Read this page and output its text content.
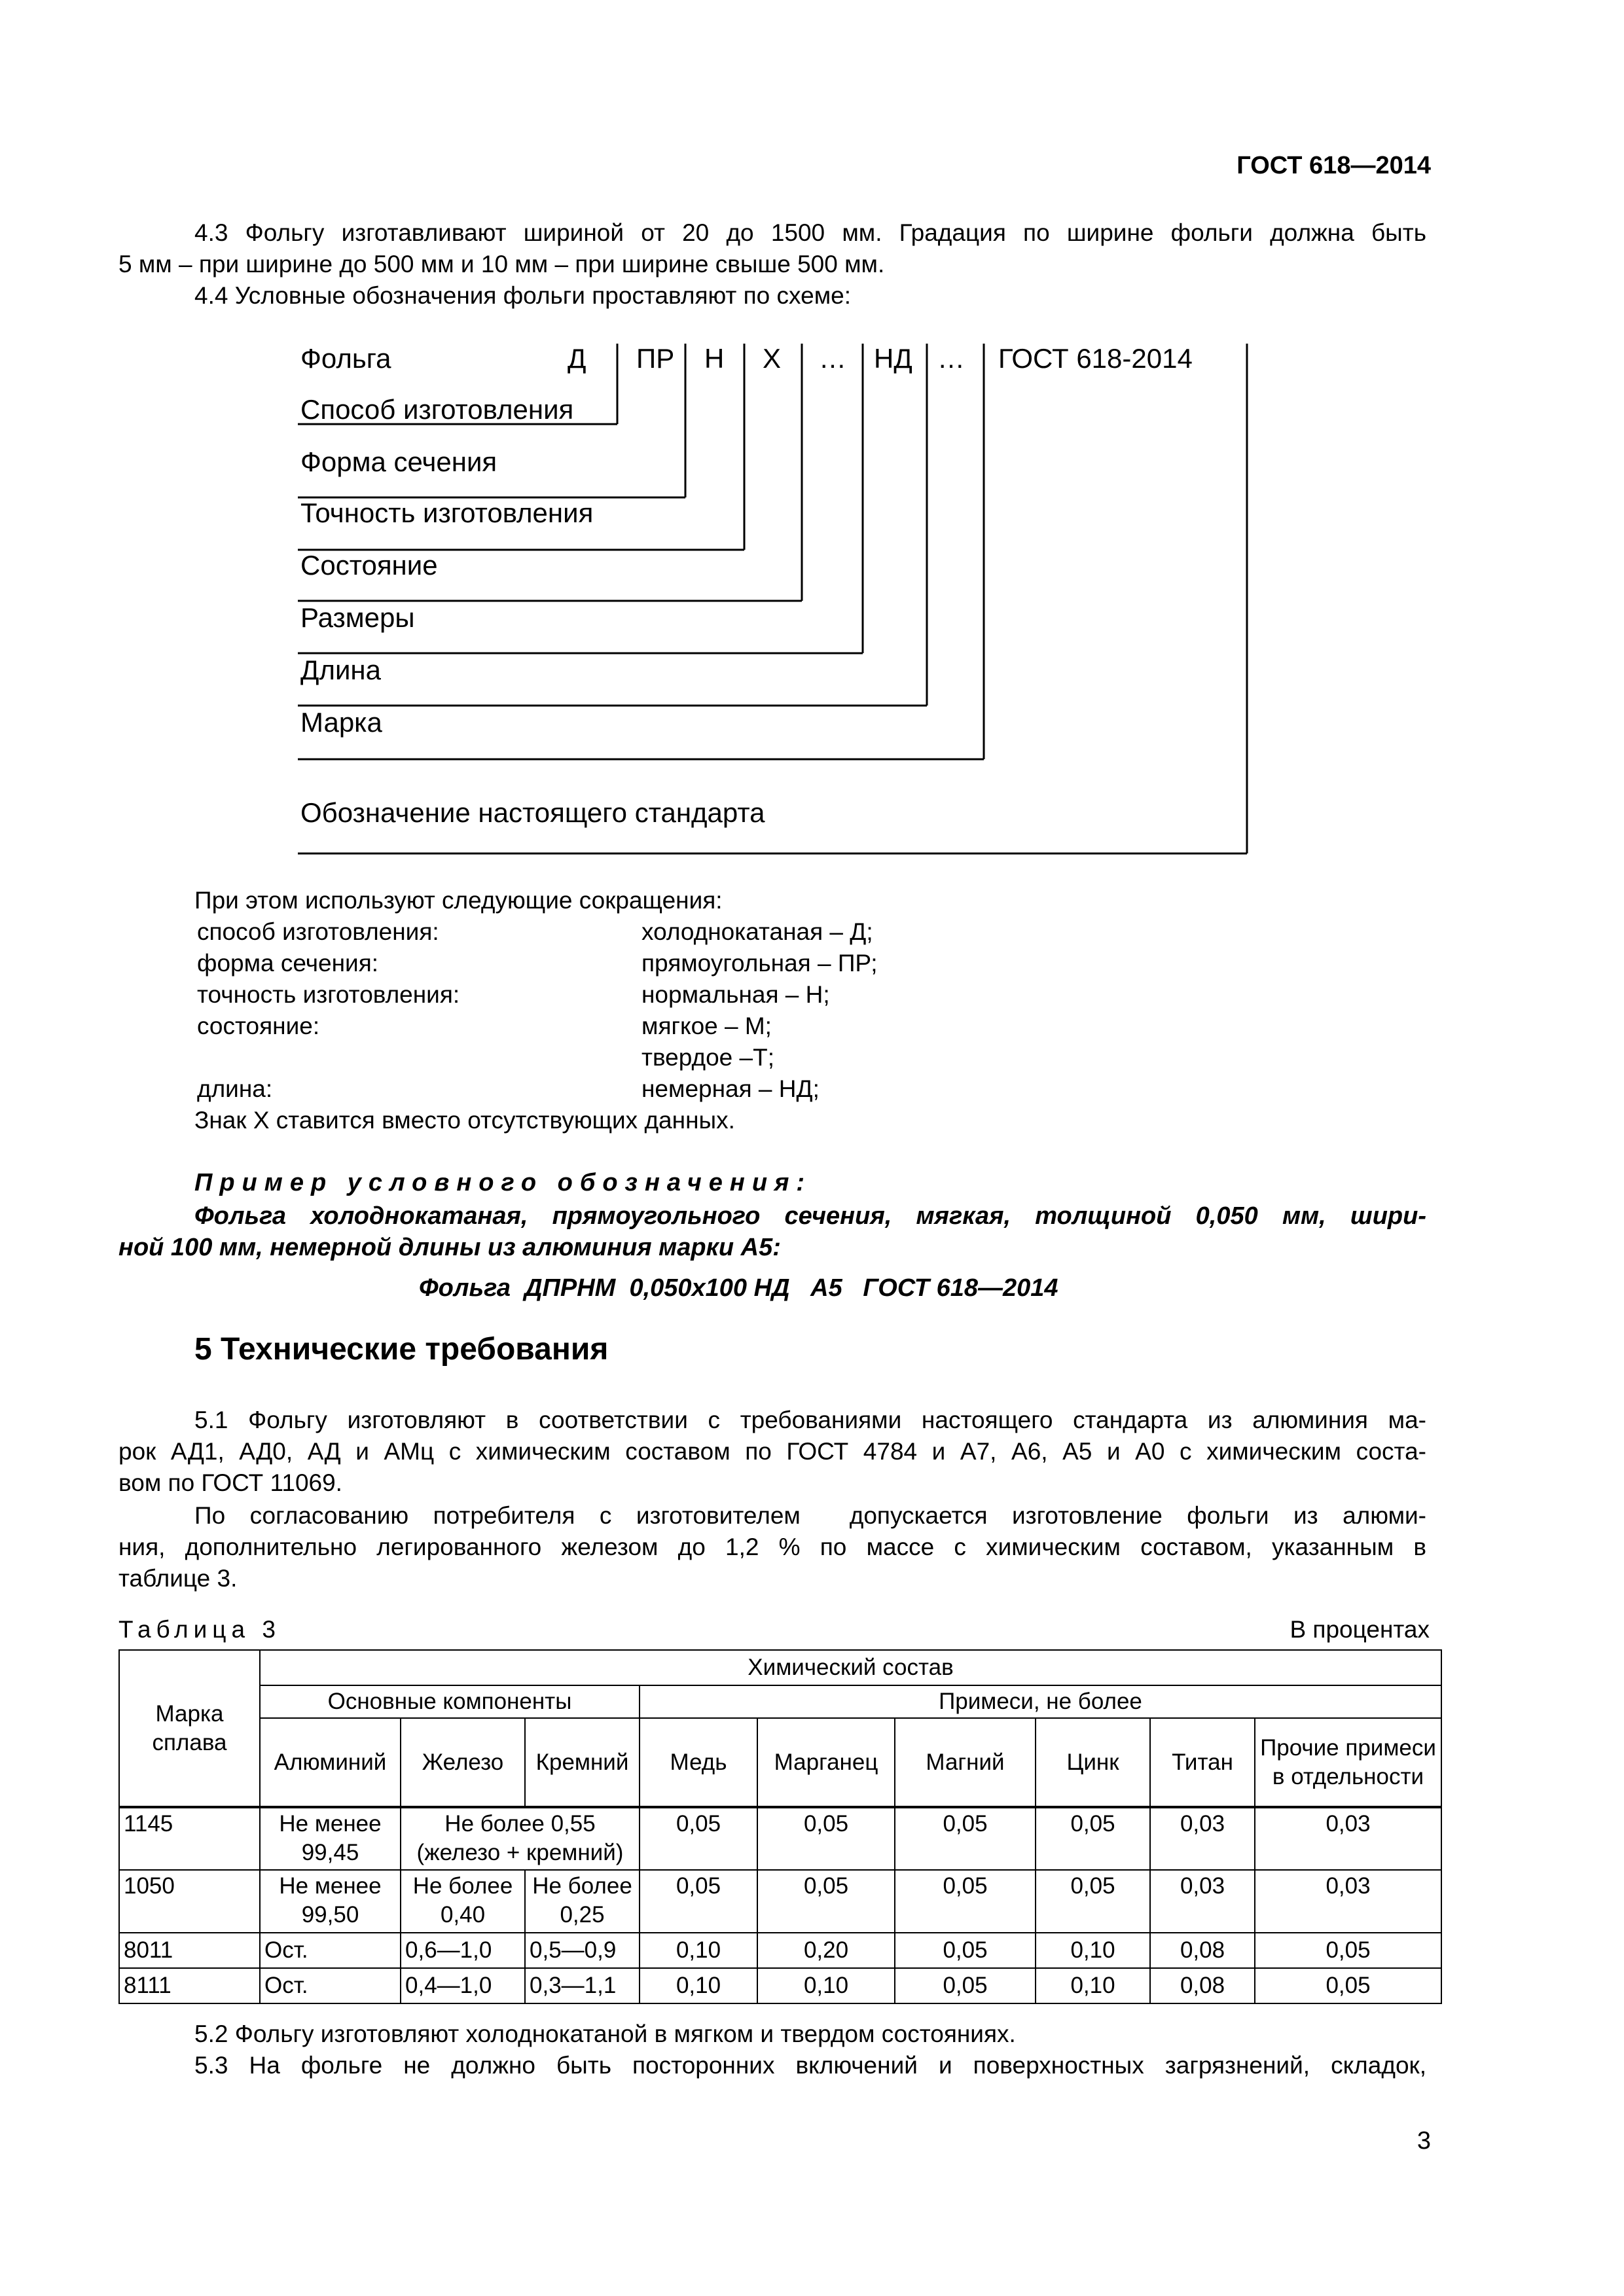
ГОСТ 618—2014
4.3 Фольгу изготавливают шириной от 20 до 1500 мм. Градация по ширине фольги должна быть
5 мм – при ширине до 500 мм и 10 мм – при ширине свыше 500 мм.
4.4 Условные обозначения фольги проставляют по схеме:
Фольга	Д ПР Н Х … НД … ГОСТ 618-2014
Способ изготовления
Форма сечения
Точность изготовления
Состояние
Размеры
Длина
Марка
Обозначение настоящего стандарта
При этом используют следующие сокращения:
способ изготовления:	холоднокатаная – Д;
форма сечения:	прямоугольная – ПР;
точность изготовления:	нормальная – Н;
состояние:	мягкое – М;
твердое –Т;
длина:	немерная – НД;
Знак Х ставится вместо отсутствующих данных.
Пример условного обозначения:
Фольга холоднокатаная, прямоугольного сечения, мягкая, толщиной 0,050 мм, шири-
ной 100 мм, немерной длины из алюминия марки А5:
Фольга  ДПРНМ  0,050х100 НД   А5   ГОСТ 618—2014
5 Технические требования
5.1 Фольгу изготовляют в соответствии с требованиями настоящего стандарта из алюминия ма-
рок АД1, АД0, АД и АМц с химическим составом по ГОСТ 4784 и А7, А6, А5 и А0 с химическим соста-
вом по ГОСТ 11069.
По согласованию потребителя с изготовителем  допускается изготовление фольги из алюми-
ния, дополнительно легированного железом до 1,2 % по массе с химическим составом, указанным в
таблице 3.
Таблица 3	В процентах
Марка сплава	Химический состав								
	Основные компоненты			Примеси, не более					
	Алюминий	Железо	Кремний	Медь	Марганец	Магний	Цинк	Титан	Прочие примеси в отдельности
1145	Не менее 99,45	Не более 0,55 (железо + кремний)		0,05	0,05	0,05	0,05	0,03	0,03
1050	Не менее 99,50	Не более 0,40	Не более 0,25	0,05	0,05	0,05	0,05	0,03	0,03
8011	Ост.	0,6—1,0	0,5—0,9	0,10	0,20	0,05	0,10	0,08	0,05
8111	Ост.	0,4—1,0	0,3—1,1	0,10	0,10	0,05	0,10	0,08	0,05
5.2 Фольгу изготовляют холоднокатаной в мягком и твердом состояниях.
5.3 На фольге не должно быть посторонних включений и поверхностных загрязнений, складок,
3
